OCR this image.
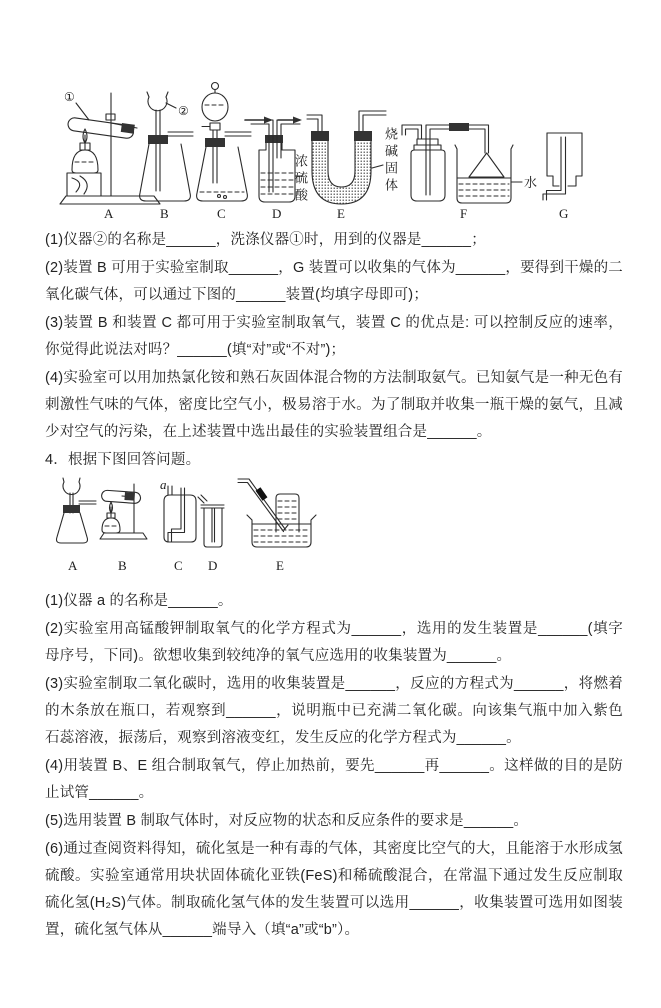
①
A
②
B	C	D	E
水
F	G
浓硫酸	烧碱固体

(1)仪器②的名称是______，洗涤仪器①时，用到的仪器是______；

(2)装置 B 可用于实验室制取______，G 装置可以收集的气体为______，要得到干燥的二氧化碳气体，可以通过下图的______装置(均填字母即可)；

(3)装置 B 和装置 C 都可用于实验室制取氧气，装置 C 的优点是: 可以控制反应的速率，你觉得此说法对吗？______(填“对”或“不对”)；

(4)实验室可以用加热氯化铵和熟石灰固体混合物的方法制取氨气。已知氨气是一种无色有刺激性气味的气体，密度比空气小，极易溶于水。为了制取并收集一瓶干燥的氨气，且减少对空气的污染，在上述装置中选出最佳的实验装置组合是______。

4．根据下图回答问题。

A	B
a
C D	E

(1)仪器 a 的名称是______。

(2)实验室用高锰酸钾制取氧气的化学方程式为______，选用的发生装置是______(填字母序号，下同)。欲想收集到较纯净的氧气应选用的收集装置为______。

(3)实验室制取二氧化碳时，选用的收集装置是______，反应的方程式为______，将燃着的木条放在瓶口，若观察到______，说明瓶中已充满二氧化碳。向该集气瓶中加入紫色石蕊溶液，振荡后，观察到溶液变红，发生反应的化学方程式为______。

(4)用装置 B、E 组合制取氧气，停止加热前，要先______再______。这样做的目的是防止试管______。

(5)选用装置 B 制取气体时，对反应物的状态和反应条件的要求是______。

(6)通过查阅资料得知，硫化氢是一种有毒的气体，其密度比空气的大，且能溶于水形成氢硫酸。实验室通常用块状固体硫化亚铁(FeS)和稀硫酸混合，在常温下通过发生反应制取硫化氢(H₂S)气体。制取硫化氢气体的发生装置可以选用______，收集装置可选用如图装置，硫化氢气体从______端导入（填“a”或“b”）。
